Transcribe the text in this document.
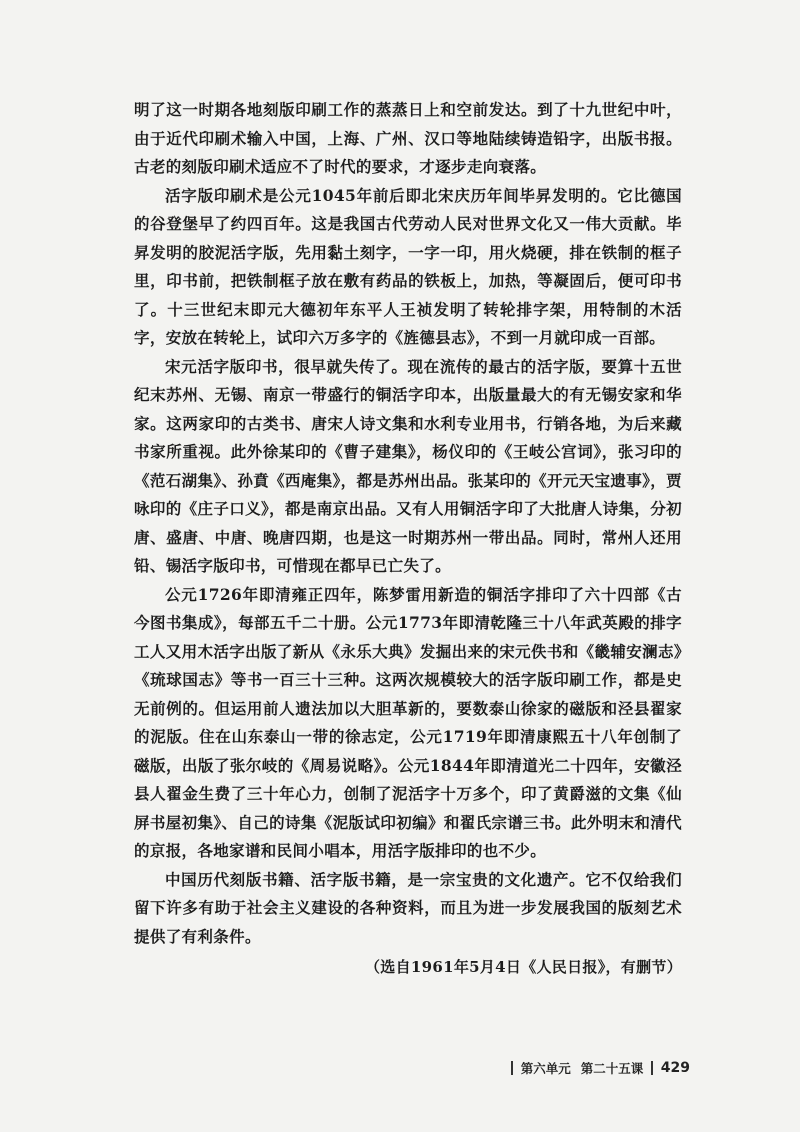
明了这一时期各地刻版印刷工作的蒸蒸日上和空前发达。到了十九世纪中叶，由于近代印刷术输入中国，上海、广州、汉口等地陆续铸造铅字，出版书报。古老的刻版印刷术适应不了时代的要求，才逐步走向衰落。

活字版印刷术是公元1045年前后即北宋庆历年间毕昇发明的。它比德国的谷登堡早了约四百年。这是我国古代劳动人民对世界文化又一伟大贡献。毕昇发明的胶泥活字版，先用黏土刻字，一字一印，用火烧硬，排在铁制的框子里，印书前，把铁制框子放在敷有药品的铁板上，加热，等凝固后，便可印书了。十三世纪末即元大德初年东平人王祯发明了转轮排字架，用特制的木活字，安放在转轮上，试印六万多字的《旌德县志》，不到一月就印成一百部。

宋元活字版印书，很早就失传了。现在流传的最古的活字版，要算十五世纪末苏州、无锡、南京一带盛行的铜活字印本，出版量最大的有无锡安家和华家。这两家印的古类书、唐宋人诗文集和水利专业用书，行销各地，为后来藏书家所重视。此外徐某印的《曹子建集》，杨仪印的《王岐公宫词》，张习印的《范石湖集》、孙賁《西庵集》，都是苏州出品。张某印的《开元天宝遗事》，贾咏印的《庄子口义》，都是南京出品。又有人用铜活字印了大批唐人诗集，分初唐、盛唐、中唐、晚唐四期，也是这一时期苏州一带出品。同时，常州人还用铅、锡活字版印书，可惜现在都早已亡失了。

公元1726年即清雍正四年，陈梦雷用新造的铜活字排印了六十四部《古今图书集成》，每部五千二十册。公元1773年即清乾隆三十八年武英殿的排字工人又用木活字出版了新从《永乐大典》发掘出来的宋元佚书和《畿辅安澜志》《琉球国志》等书一百三十三种。这两次规模较大的活字版印刷工作，都是史无前例的。但运用前人遗法加以大胆革新的，要数泰山徐家的磁版和泾县翟家的泥版。住在山东泰山一带的徐志定，公元1719年即清康熙五十八年创制了磁版，出版了张尔岐的《周易说略》。公元1844年即清道光二十四年，安徽泾县人翟金生费了三十年心力，创制了泥活字十万多个，印了黄爵滋的文集《仙屏书屋初集》、自己的诗集《泥版试印初编》和翟氏宗谱三书。此外明末和清代的京报，各地家谱和民间小唱本，用活字版排印的也不少。

中国历代刻版书籍、活字版书籍，是一宗宝贵的文化遗产。它不仅给我们留下许多有助于社会主义建设的各种资料，而且为进一步发展我国的版刻艺术提供了有利条件。

（选自1961年5月4日《人民日报》，有删节）

第六单元 第二十五课 429
